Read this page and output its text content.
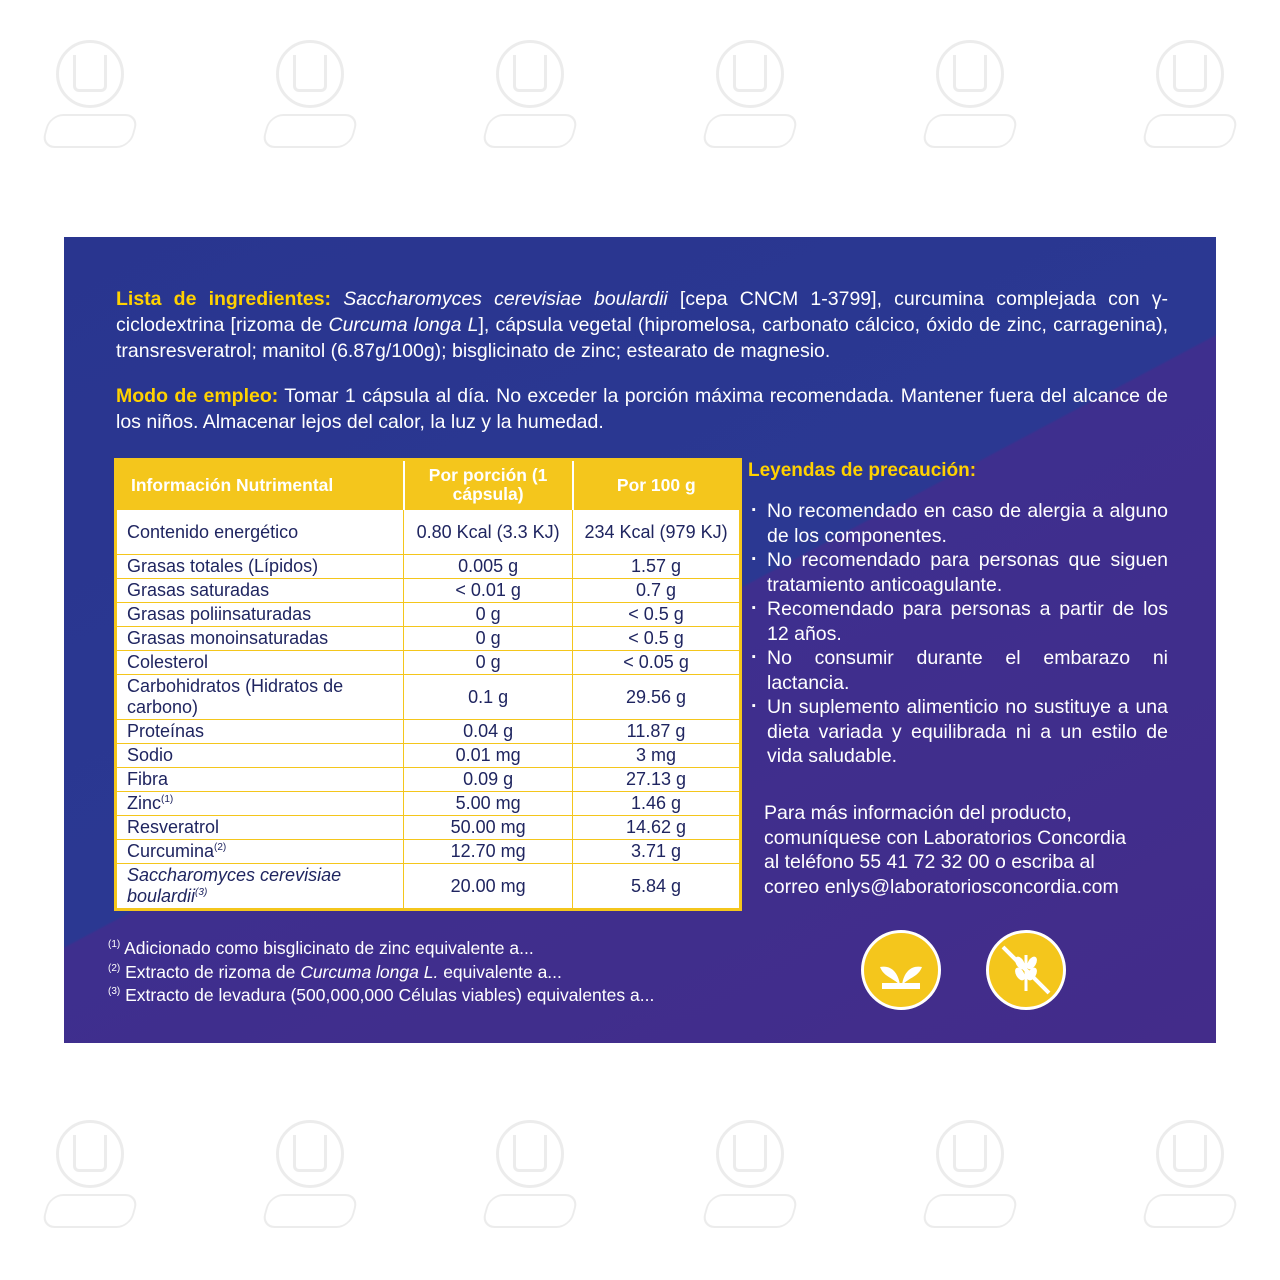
Lista de ingredientes: Saccharomyces cerevisiae boulardii [cepa CNCM 1-3799], curcumina complejada con γ-ciclodextrina [rizoma de Curcuma longa L], cápsula vegetal (hipromelosa, carbonato cálcico, óxido de zinc, carragenina), transresveratrol; manitol (6.87g/100g); bisglicinato de zinc; estearato de magnesio.

Modo de empleo: Tomar 1 cápsula al día. No exceder la porción máxima recomendada. Mantener fuera del alcance de los niños. Almacenar lejos del calor, la luz y la humedad.

Información Nutrimental	Por porción (1 cápsula)	Por 100 g
Contenido energético	0.80 Kcal (3.3 KJ)	234 Kcal (979 KJ)
Grasas totales (Lípidos)	0.005 g	1.57 g
Grasas saturadas	< 0.01 g	0.7 g
Grasas poliinsaturadas	0 g	< 0.5 g
Grasas monoinsaturadas	0 g	< 0.5 g
Colesterol	0 g	< 0.05 g
Carbohidratos (Hidratos de carbono)	0.1 g	29.56 g
Proteínas	0.04 g	11.87 g
Sodio	0.01 mg	3 mg
Fibra	0.09 g	27.13 g
Zinc$^{(1)}$	5.00 mg	1.46 g
Resveratrol	50.00 mg	14.62 g
Curcumina$^{(2)}$	12.70 mg	3.71 g
Saccharomyces cerevisiae boulardii$^{(3)}$	20.00 mg	5.84 g
Leyendas de precaución:
· No recomendado en caso de alergia a alguno de los componentes.
· No recomendado para personas que siguen tratamiento anticoagulante.
· Recomendado para personas a partir de los 12 años.
· No consumir durante el embarazo ni lactancia.
· Un suplemento alimenticio no sustituye a una dieta variada y equilibrada ni a un estilo de vida saludable.
Para más información del producto,
comuníquese con Laboratorios Concordia
al teléfono 55 41 72 32 00 o escriba al
correo enlys@laboratoriosconcordia.com
$^{(1)}$ Adicionado como bisglicinato de zinc equivalente a...
$^{(2)}$ Extracto de rizoma de Curcuma longa L. equivalente a...
$^{(3)}$ Extracto de levadura (500,000,000 Células viables) equivalentes a...
